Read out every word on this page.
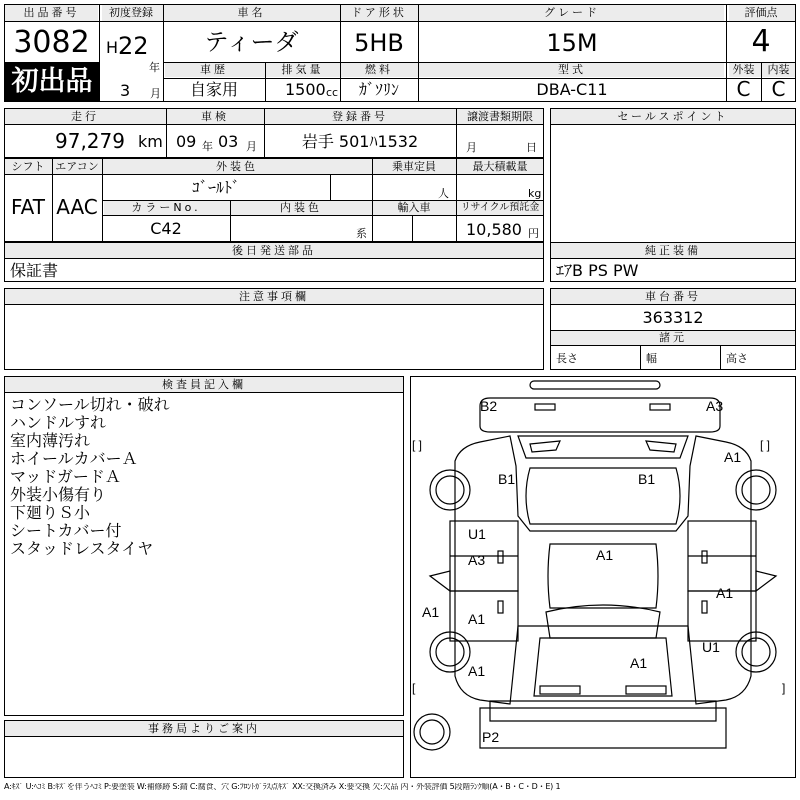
出品番号
3082
初出品
初度登録
H 22
年
3 月
車名
ティーダ
ドア形状
5HB
グレード
15M
評価点
4
車歴
自家用
排気量
1500 cc
燃料
ｶﾞｿﾘﾝ
型式
DBA-C11
外装	内装
C	C
走行
97,279 km
車検
09 年 03 月
登録番号
岩手 501ﾊ1532
譲渡書類期限
月	日
セールスポイント
シフト
FAT
エアコン
AAC
外装色
ｺﾞｰﾙﾄﾞ
乗車定員
人
最大積載量
kg
カラーNo.
C42
内装色
系
輸入車	リサイクル預託金
10,580 円
後日発送部品
保証書
純正装備
ｴｱB PS PW
注意事項欄	車台番号
363312
諸元
長さ	幅	高さ
検査員記入欄
コンソール切れ・破れ
ハンドルすれ
室内薄汚れ
ホイールカバーＡ
マッドガードＡ
外装小傷有り
下廻りＳ小
シートカバー付
スタッドレスタイヤ
事務局よりご案内
B2	A3
B1	B1
A1
U1
A3	A1
A1 A1
A1
A1
U1
A1
P2
[ ]	[ ]
[	]
A:ｷｽﾞ U:ﾍｺﾐ B:ｷｽﾞを伴うﾍｺﾐ P:要塗装 W:補修跡 S:錆 C:腐食、穴 G:ﾌﾛﾝﾄｶﾞﾗｽ点ｷｽﾞ XX:交換済み X:要交換 欠:欠品 内・外装評価 5段階ﾗﾝｸ順(A・B・C・D・E) 1
